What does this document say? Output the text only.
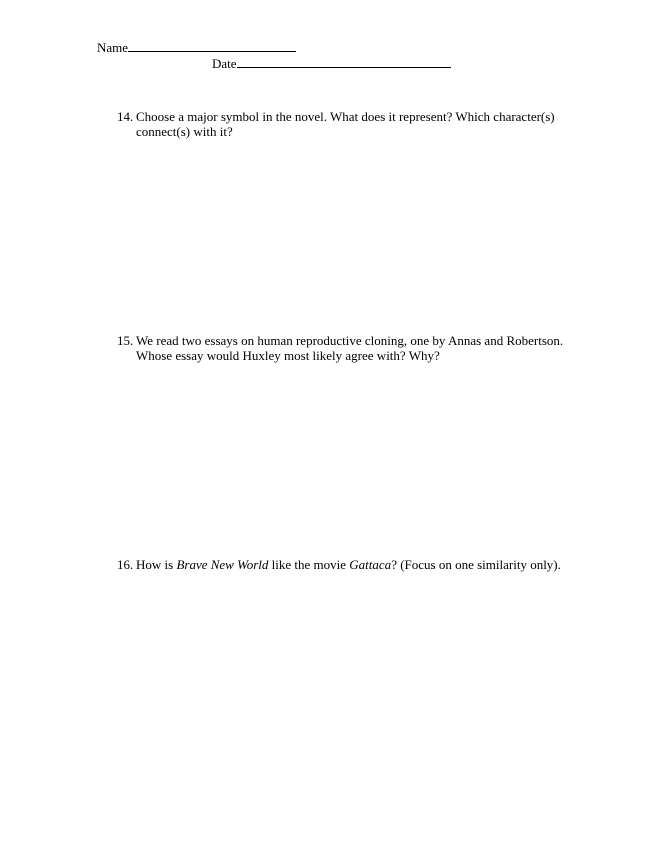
Name
Date
14. Choose a major symbol in the novel. What does it represent? Which character(s) connect(s) with it?
15. We read two essays on human reproductive cloning, one by Annas and Robertson. Whose essay would Huxley most likely agree with? Why?
16. How is Brave New World like the movie Gattaca? (Focus on one similarity only).
